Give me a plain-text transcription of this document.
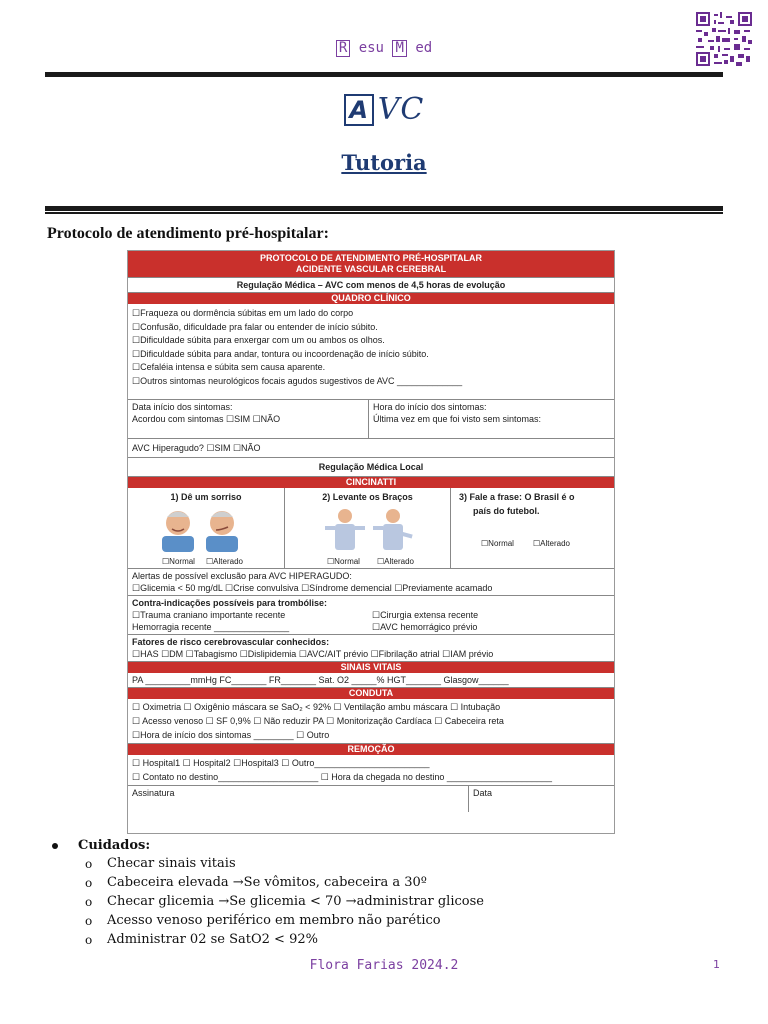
R esu M ed
A VC
Tutoria
Protocolo de atendimento pré-hospitalar:
PROTOCOLO DE ATENDIMENTO PRÉ-HOSPITALAR
ACIDENTE VASCULAR CEREBRAL
Regulação Médica – AVC com menos de 4,5 horas de evolução
QUADRO CLÍNICO
☐Fraqueza ou dormência súbitas em um lado do corpo
☐Confusão, dificuldade pra falar ou entender de início súbito.
☐Dificuldade súbita para enxergar com um ou ambos os olhos.
☐Dificuldade súbita para andar, tontura ou incoordenação de início súbito.
☐Cefaléia intensa e súbita sem causa aparente.
☐Outros sintomas neurológicos focais agudos sugestivos de AVC _____________
Data início dos sintomas:
Acordou com sintomas ☐SIM ☐NÃO
Hora do início dos sintomas:
Última vez em que foi visto sem sintomas:
AVC Hiperagudo? ☐SIM ☐NÃO
Regulação Médica Local
CINCINATTI
1) Dê um sorriso
☐Normal ☐Alterado
2) Levante os Braços
☐Normal ☐Alterado
3) Fale a frase: O Brasil é o
país do futebol.
☐Normal ☐Alterado
Alertas de possível exclusão para AVC HIPERAGUDO:
☐Glicemia < 50 mg/dL ☐Crise convulsiva ☐Síndrome demencial ☐Previamente acamado
Contra-indicações possíveis para trombólise:
☐Trauma craniano importante recente	☐Cirurgia extensa recente
Hemorragia recente _______________	☐AVC hemorrágico prévio
Fatores de risco cerebrovascular conhecidos:
☐HAS ☐DM ☐Tabagismo ☐Dislipidemia ☐AVC/AIT prévio ☐Fibrilação atrial ☐IAM prévio
SINAIS VITAIS
PA _________mmHg FC_______ FR_______ Sat. O2 _____% HGT_______ Glasgow______
CONDUTA
☐ Oximetria ☐ Oxigênio máscara se SaO₂ < 92% ☐ Ventilação ambu máscara ☐ Intubação
☐ Acesso venoso ☐ SF 0,9% ☐ Não reduzir PA ☐ Monitorização Cardíaca ☐ Cabeceira reta
☐Hora de início dos sintomas ________ ☐ Outro
REMOÇÃO
☐ Hospital1 ☐ Hospital2 ☐Hospital3 ☐ Outro_______________________
☐ Contato no destino____________________ ☐ Hora da chegada no destino _____________________
Assinatura	Data
Cuidados:
o	Checar sinais vitais
o	Cabeceira elevada →Se vômitos, cabeceira a 30º
o	Checar glicemia →Se glicemia < 70 →administrar glicose
o	Acesso venoso periférico em membro não parético
o	Administrar 02 se SatO2 < 92%
Flora Farias 2024.2	1
